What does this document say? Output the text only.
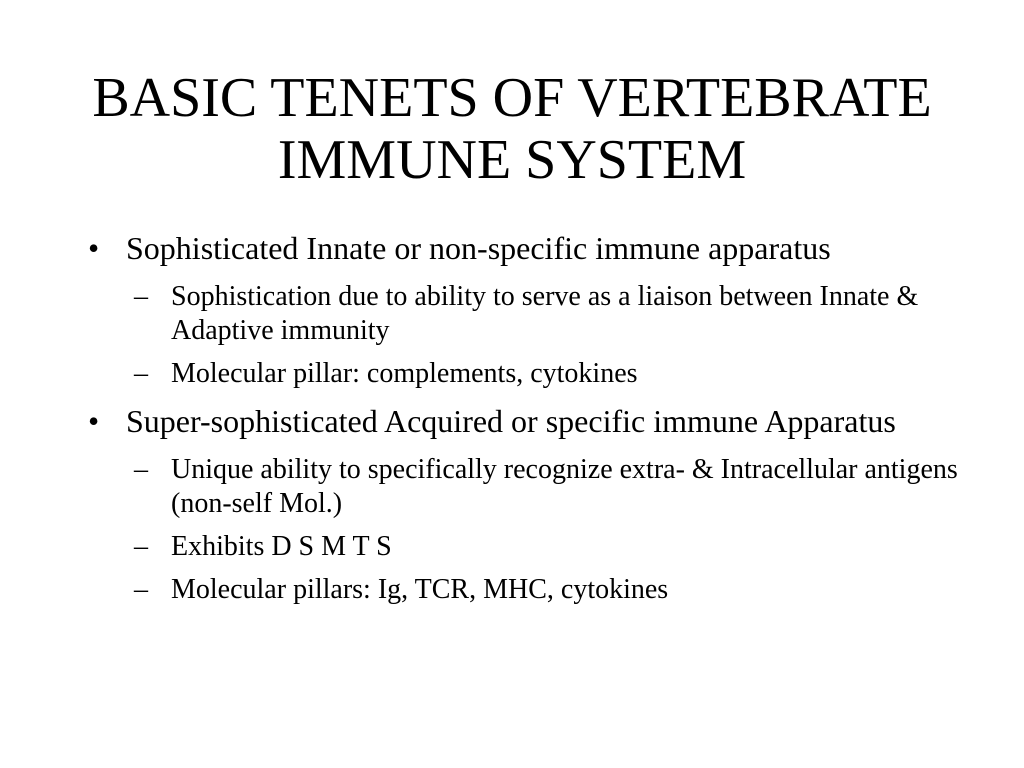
BASIC TENETS OF VERTEBRATE
IMMUNE SYSTEM
• Sophisticated Innate or non-specific immune apparatus
– Sophistication due to ability to serve as a liaison between Innate & Adaptive immunity
– Molecular pillar: complements, cytokines
• Super-sophisticated Acquired or specific immune Apparatus
– Unique ability to specifically recognize extra- & Intracellular antigens (non-self Mol.)
– Exhibits D S M T S
– Molecular pillars: Ig, TCR, MHC, cytokines
